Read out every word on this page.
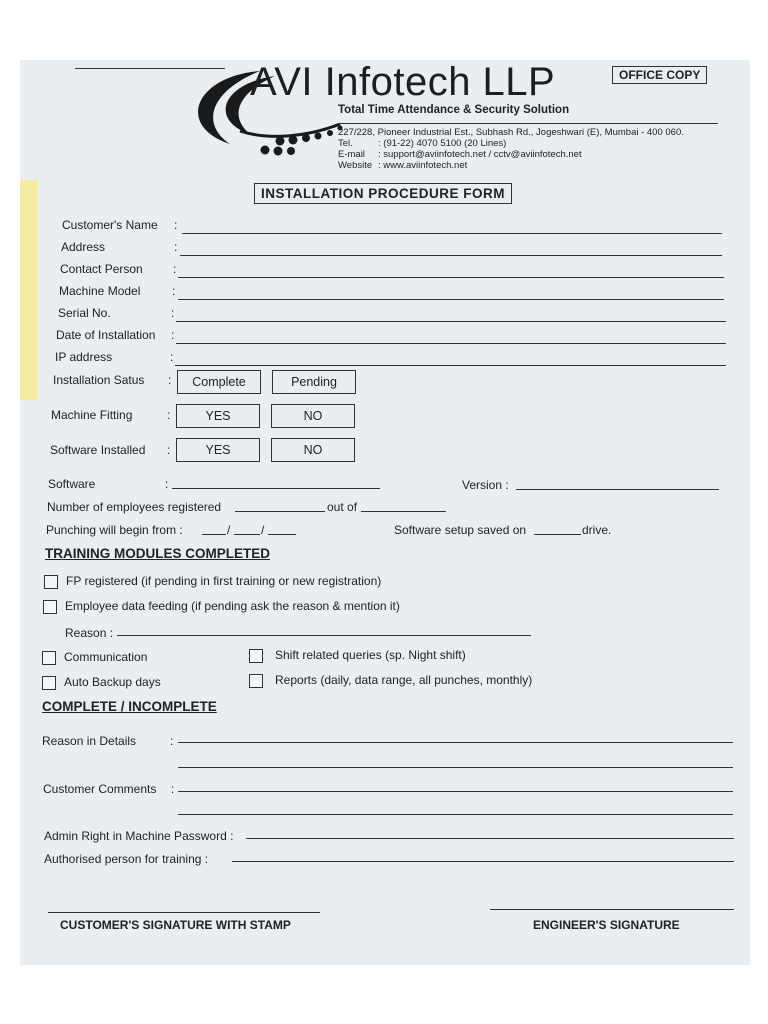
AVI Infotech LLP	OFFICE COPY
Total Time Attendance & Security Solution
227/228, Pioneer Industrial Est., Subhash Rd., Jogeshwari (E), Mumbai - 400 060.
Tel.	: (91-22) 4070 5100 (20 Lines)
E-mail : support@aviinfotech.net / cctv@aviinfotech.net
Website : www.aviinfotech.net
INSTALLATION PROCEDURE FORM
Customer's Name :
Address	:
Contact Person	:
Machine Model	:
Serial No.	:
Date of Installation :
IP address	:
Installation Satus :	Complete	Pending
Machine Fitting	:	YES	NO
Software Installed :	YES	NO
Software	:	Version :
Number of employees registered	out of
Punching will begin from :	/	/	Software setup saved on	drive.
TRAINING MODULES COMPLETED
FP registered (if pending in first training or new registration)
Employee data feeding (if pending ask the reason & mention it)
Reason :
Communication	Shift related queries (sp. Night shift)
Auto Backup days	Reports (daily, data range, all punches, monthly)
COMPLETE / INCOMPLETE
Reason in Details	:
Customer Comments :
Admin Right in Machine Password :
Authorised person for training :
CUSTOMER'S SIGNATURE WITH STAMP	ENGINEER'S SIGNATURE
